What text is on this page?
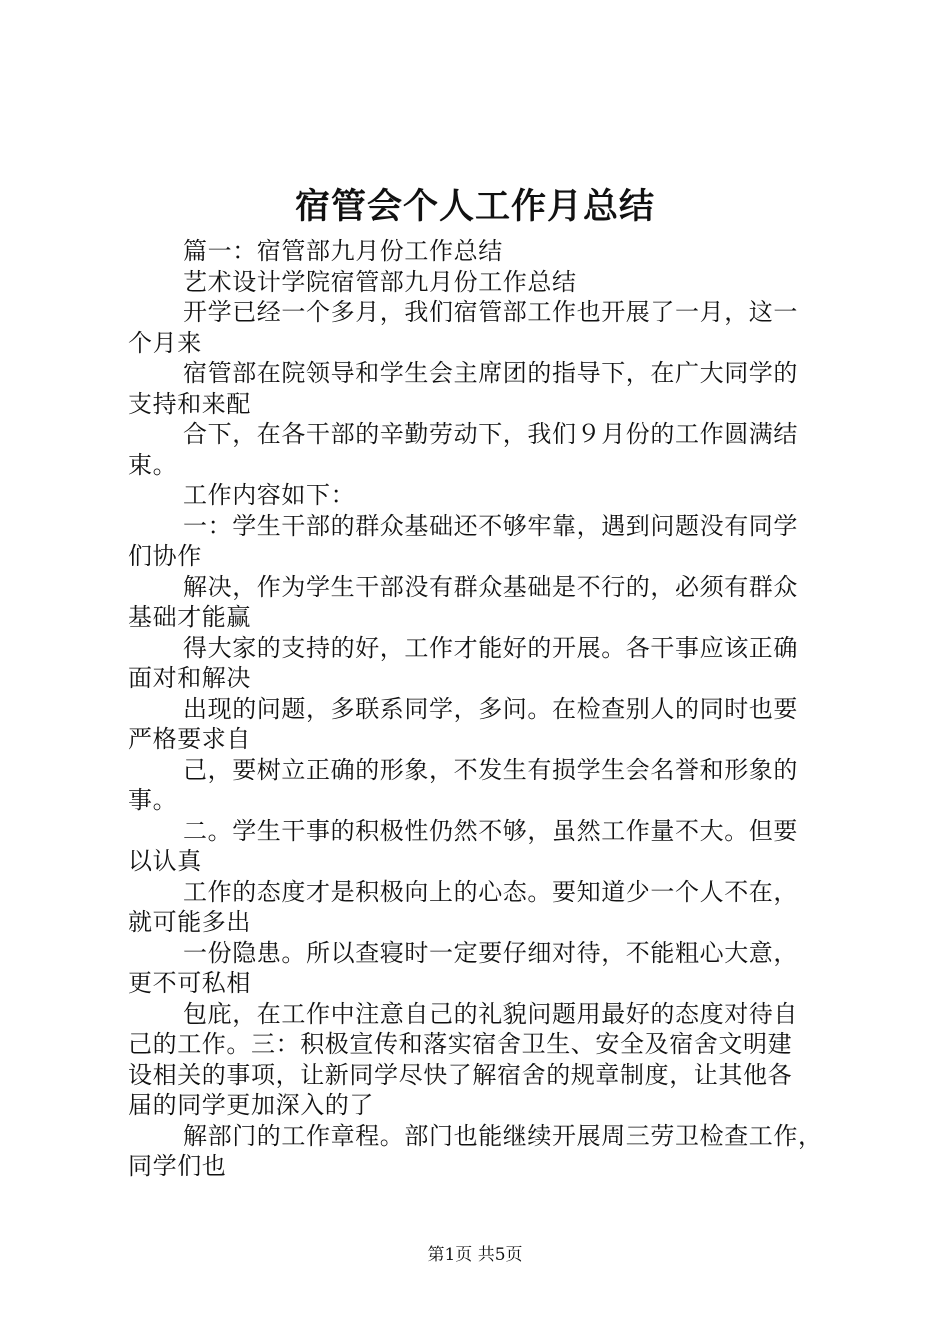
宿管会个人工作月总结
篇一：宿管部九月份工作总结
艺术设计学院宿管部九月份工作总结
开学已经一个多月，我们宿管部工作也开展了一月，这一
个月来
宿管部在院领导和学生会主席团的指导下，在广大同学的
支持和来配
合下，在各干部的辛勤劳动下，我们９月份的工作圆满结
束。
工作内容如下：
一：学生干部的群众基础还不够牢靠，遇到问题没有同学
们协作
解决，作为学生干部没有群众基础是不行的，必须有群众
基础才能赢
得大家的支持的好，工作才能好的开展。各干事应该正确
面对和解决
出现的问题，多联系同学，多问。在检查别人的同时也要
严格要求自
己，要树立正确的形象，不发生有损学生会名誉和形象的
事。
二。学生干事的积极性仍然不够，虽然工作量不大。但要
以认真
工作的态度才是积极向上的心态。要知道少一个人不在，
就可能多出
一份隐患。所以查寝时一定要仔细对待，不能粗心大意，
更不可私相
包庇，在工作中注意自己的礼貌问题用最好的态度对待自
己的工作。三：积极宣传和落实宿舍卫生、安全及宿舍文明建
设相关的事项，让新同学尽快了解宿舍的规章制度，让其他各
届的同学更加深入的了
解部门的工作章程。部门也能继续开展周三劳卫检查工作，
同学们也
第1页 共5页
